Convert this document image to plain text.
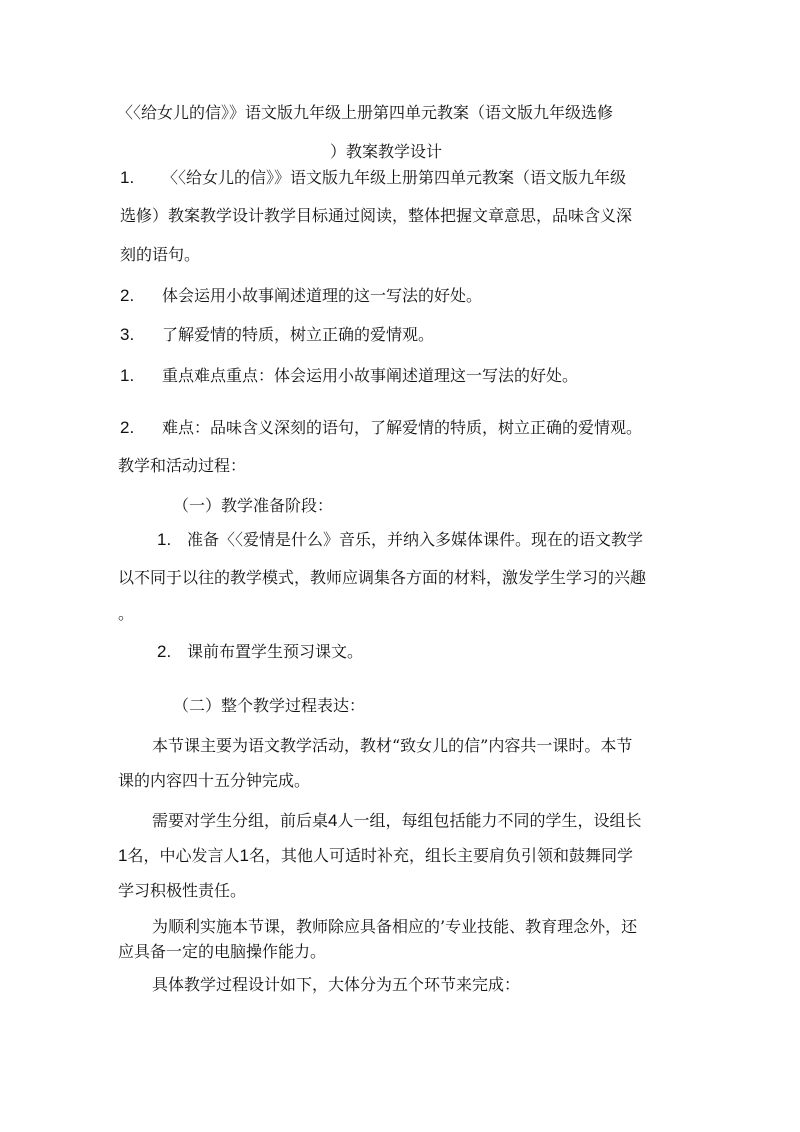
〈〈给女儿的信》》语文版九年级上册第四单元教案（语文版九年级选修
）教案教学设计
1. 〈〈给女儿的信》》语文版九年级上册第四单元教案（语文版九年级
选修）教案教学设计教学目标通过阅读，整体把握文章意思，品味含义深
刻的语句。
2. 体会运用小故事阐述道理的这一写法的好处。
3. 了解爱情的特质，树立正确的爱情观。
1. 重点难点重点：体会运用小故事阐述道理这一写法的好处。
2. 难点：品味含义深刻的语句，了解爱情的特质，树立正确的爱情观。
教学和活动过程：
（一）教学准备阶段：
1. 准备〈〈爱情是什么》音乐，并纳入多媒体课件。现在的语文教学
以不同于以往的教学模式，教师应调集各方面的材料，激发学生学习的兴趣
。
2. 课前布置学生预习课文。
（二）整个教学过程表达：
本节课主要为语文教学活动，教材“致女儿的信”内容共一课时。本节
课的内容四十五分钟完成。
需要对学生分组，前后桌4人一组，每组包括能力不同的学生，设组长
1名，中心发言人1名，其他人可适时补充，组长主要肩负引领和鼓舞同学
学习积极性责任。
为顺利实施本节课，教师除应具备相应的’专业技能、教育理念外，还
应具备一定的电脑操作能力。
具体教学过程设计如下，大体分为五个环节来完成：
